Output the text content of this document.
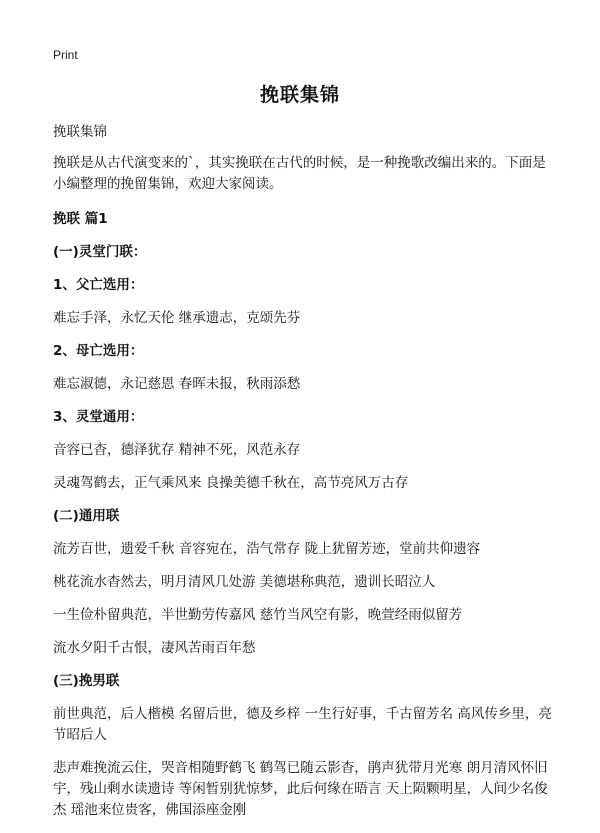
Print
挽联集锦
挽联集锦
挽联是从古代演变来的`，其实挽联在古代的时候，是一种挽歌改编出来的。下面是小编整理的挽留集锦，欢迎大家阅读。
挽联 篇1
(一)灵堂门联：
1、父亡选用：
难忘手泽，永忆天伦 继承遗志，克颂先芬
2、母亡选用：
难忘淑德，永记慈恩 春晖未报，秋雨添愁
3、灵堂通用：
音容已杳，德泽犹存 精神不死，风范永存
灵魂驾鹤去，正气乘风来 良操美德千秋在，高节亮风万古存
(二)通用联
流芳百世，遗爱千秋 音容宛在，浩气常存 陇上犹留芳迹，堂前共仰遗容
桃花流水杳然去，明月清风几处游 美德堪称典范，遗训长昭泣人
一生俭朴留典范，半世勤劳传嘉风 慈竹当风空有影，晚萱经雨似留芳
流水夕阳千古恨，凄风苦雨百年愁
(三)挽男联
前世典范，后人楷模 名留后世，德及乡梓 一生行好事，千古留芳名 高风传乡里，亮节昭后人
悲声难挽流云住，哭音相随野鹤飞 鹤驾已随云影杳，鹃声犹带月光寒 朗月清风怀旧宇，残山剩水读遗诗 等闲暂别犹惊梦，此后何缘在晤言 天上陨颗明星，人间少名俊杰 瑶池来位贵客，佛国添座金刚
